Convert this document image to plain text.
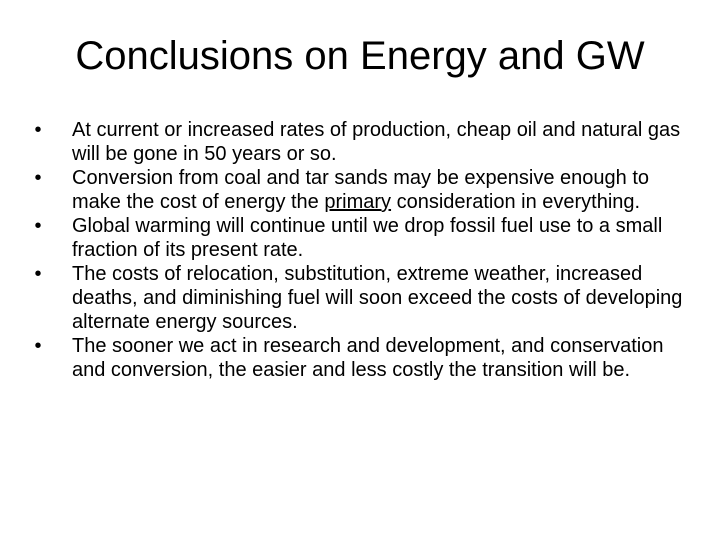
Conclusions on Energy and GW
•	At current or increased rates of production, cheap oil and natural gas will be gone in 50 years or so.
•	Conversion from coal and tar sands may be expensive enough to make the cost of energy the primary consideration in everything.
•	Global warming will continue until we drop fossil fuel use to a small fraction of its present rate.
•	The costs of relocation, substitution, extreme weather, increased deaths, and diminishing fuel will soon exceed the costs of developing alternate energy sources.
•	The sooner we act in research and development, and conservation and conversion, the easier and less costly the transition will be.
